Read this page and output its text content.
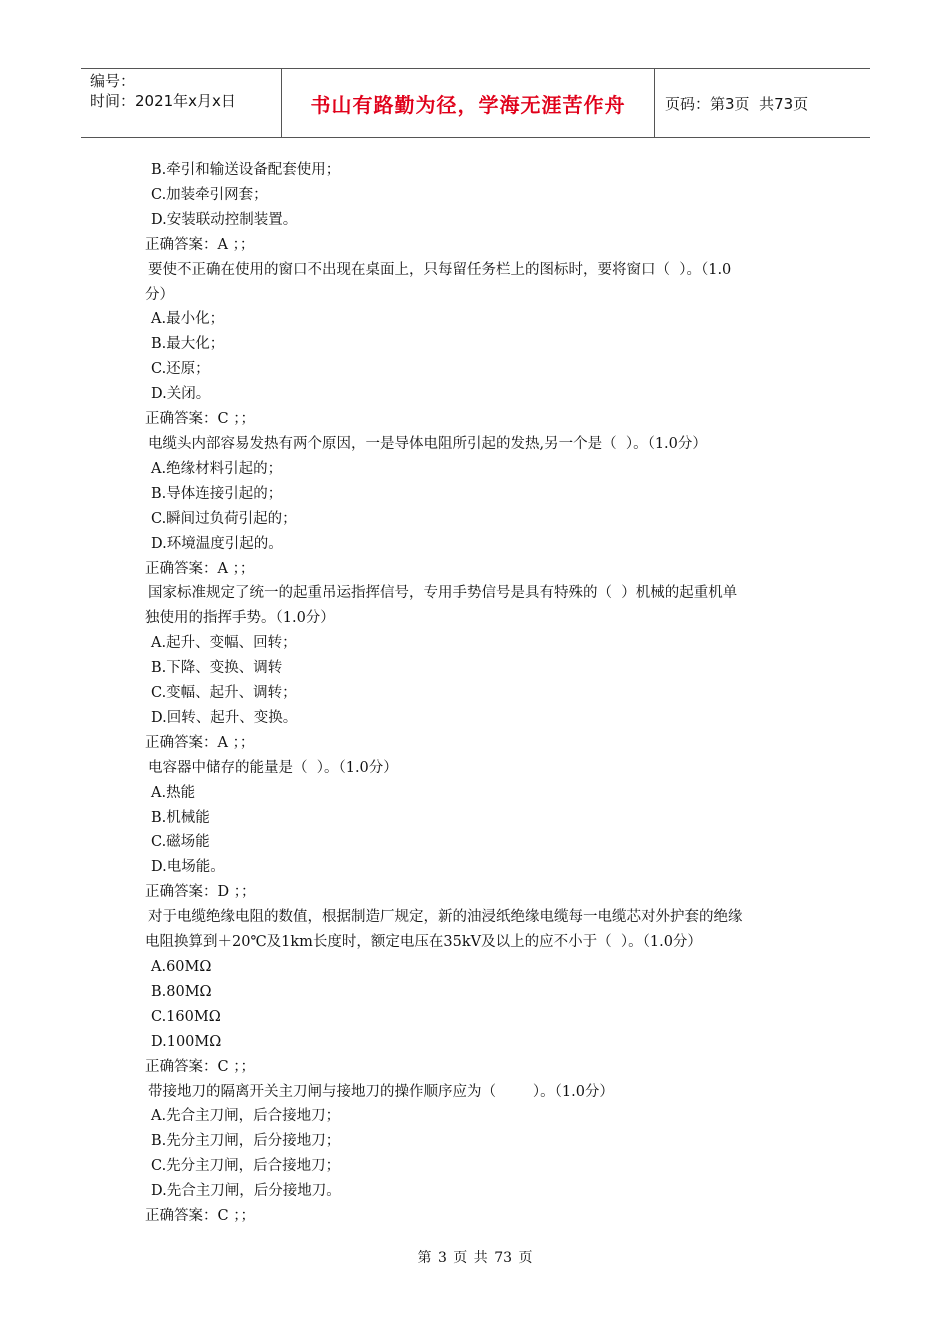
编号：
时间：2021年x月x日	书山有路勤为径，学海无涯苦作舟	页码：第3页  共73页

B.牵引和输送设备配套使用；

C.加装牵引网套；

D.安装联动控制装置。

正确答案：A ；；

要使不正确在使用的窗口不出现在桌面上，只每留任务栏上的图标时，要将窗口（  ）。（1.0

分）

A.最小化；

B.最大化；

C.还原；

D.关闭。

正确答案：C ；；

电缆头内部容易发热有两个原因，一是导体电阻所引起的发热,另一个是（  ）。（1.0分）

A.绝缘材料引起的；

B.导体连接引起的；

C.瞬间过负荷引起的；

D.环境温度引起的。

正确答案：A ；；

国家标准规定了统一的起重吊运指挥信号，专用手势信号是具有特殊的（  ）机械的起重机单

独使用的指挥手势。（1.0分）

A.起升、变幅、回转；

B.下降、变换、调转

C.变幅、起升、调转；

D.回转、起升、变换。

正确答案：A ；；

电容器中储存的能量是（  ）。（1.0分）

A.热能

B.机械能

C.磁场能

D.电场能。

正确答案：D ；；

对于电缆绝缘电阻的数值，根据制造厂规定，新的油浸纸绝缘电缆每一电缆芯对外护套的绝缘

电阻换算到＋20℃及1km长度时，额定电压在35kV及以上的应不小于（  ）。（1.0分）

A.60MΩ

B.80MΩ

C.160MΩ

D.100MΩ

正确答案：C ；；

带接地刀的隔离开关主刀闸与接地刀的操作顺序应为（        ）。（1.0分）

A.先合主刀闸，后合接地刀；

B.先分主刀闸，后分接地刀；

C.先分主刀闸，后合接地刀；

D.先合主刀闸，后分接地刀。

正确答案：C ；；

第 3 页 共 73 页
